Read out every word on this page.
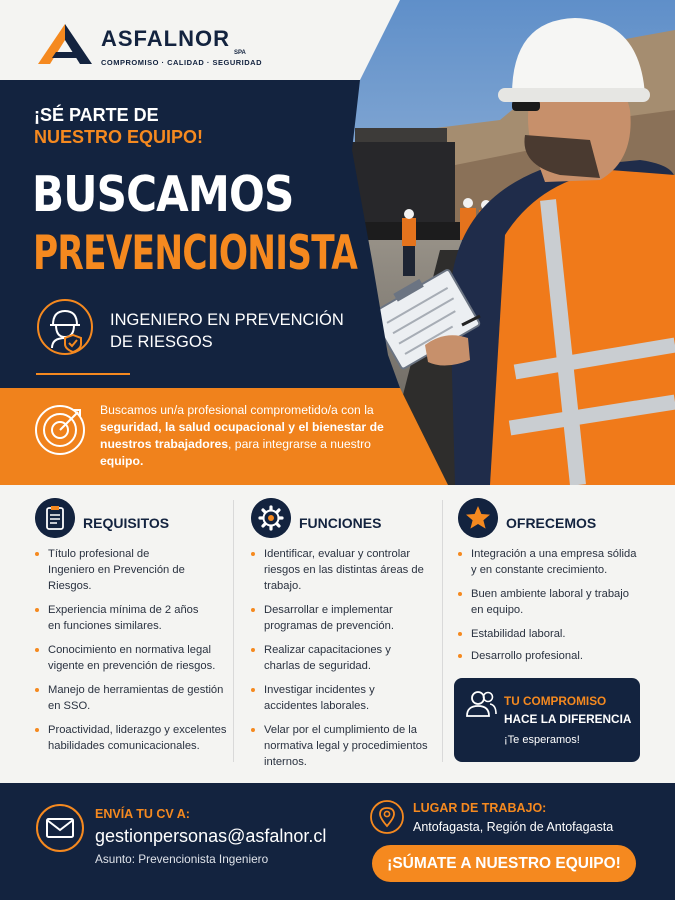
ASFALNOR
SPA
COMPROMISO · CALIDAD · SEGURIDAD
¡SÉ PARTE DE
NUESTRO EQUIPO!
BUSCAMOS
PREVENCIONISTA
INGENIERO EN PREVENCIÓN
DE RIESGOS
Buscamos un/a profesional comprometido/a con la seguridad, la salud ocupacional y el bienestar de nuestros trabajadores, para integrarse a nuestro equipo.
REQUISITOS
Título profesional de Ingeniero en Prevención de Riesgos.
Experiencia mínima de 2 años en funciones similares.
Conocimiento en normativa legal vigente en prevención de riesgos.
Manejo de herramientas de gestión en SSO.
Proactividad, liderazgo y excelentes habilidades comunicacionales.
FUNCIONES
Identificar, evaluar y controlar riesgos en las distintas áreas de trabajo.
Desarrollar e implementar programas de prevención.
Realizar capacitaciones y charlas de seguridad.
Investigar incidentes y accidentes laborales.
Velar por el cumplimiento de la normativa legal y procedimientos internos.
OFRECEMOS
Integración a una empresa sólida y en constante crecimiento.
Buen ambiente laboral y trabajo en equipo.
Estabilidad laboral.
Desarrollo profesional.
TU COMPROMISO
HACE LA DIFERENCIA
¡Te esperamos!
ENVÍA TU CV A:
gestionpersonas@asfalnor.cl
Asunto: Prevencionista Ingeniero
LUGAR DE TRABAJO:
Antofagasta, Región de Antofagasta
¡SÚMATE A NUESTRO EQUIPO!
